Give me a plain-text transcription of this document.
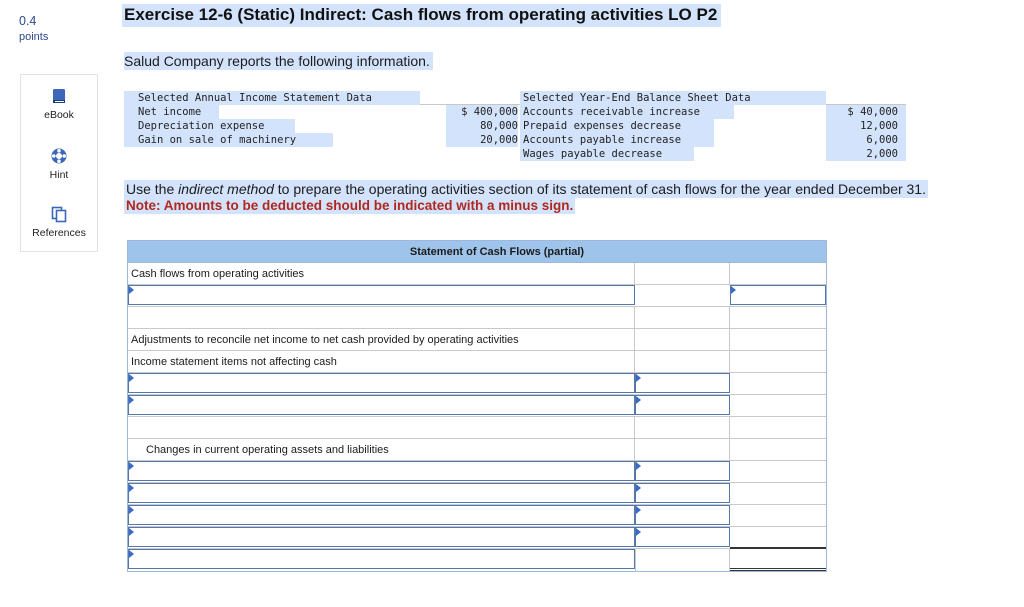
0.4
points
eBook
Hint
References
Exercise 12-6 (Static) Indirect: Cash flows from operating activities LO P2
Salud Company reports the following information.
Selected Annual Income Statement Data	Selected Year-End Balance Sheet Data
Net income
Depreciation expense
Gain on sale of machinery
$ 400,000
80,000
20,000
Accounts receivable increase
Prepaid expenses decrease
Accounts payable increase
Wages payable decrease
$ 40,000
12,000
6,000
2,000
Use the indirect method to prepare the operating activities section of its statement of cash flows for the year ended December 31.
Note: Amounts to be deducted should be indicated with a minus sign.
Statement of Cash Flows (partial)
Cash flows from operating activities
Adjustments to reconcile net income to net cash provided by operating activities
Income statement items not affecting cash
Changes in current operating assets and liabilities
